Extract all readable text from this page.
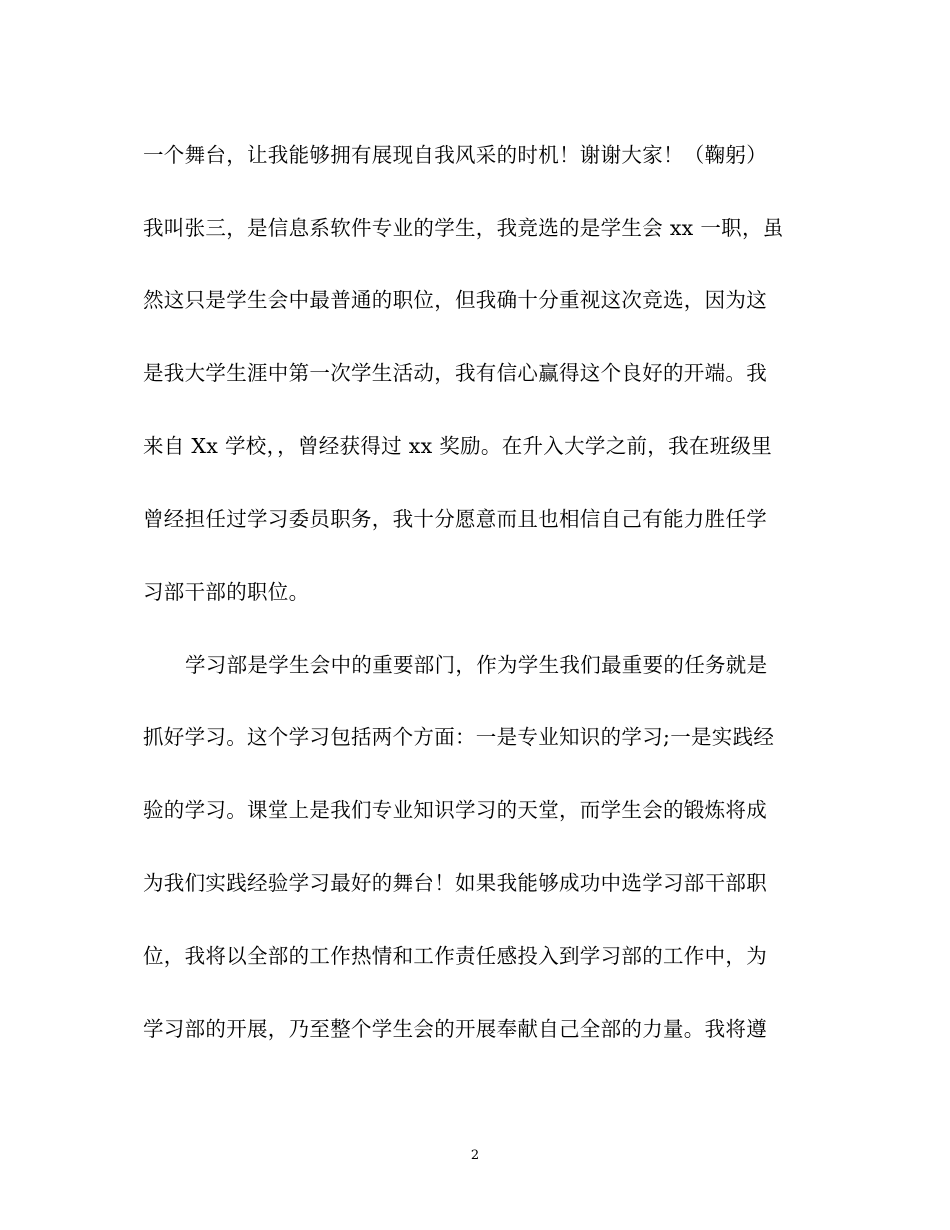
一个舞台，让我能够拥有展现自我风采的时机！谢谢大家！（鞠躬）
我叫张三，是信息系软件专业的学生，我竞选的是学生会 xx 一职，虽
然这只是学生会中最普通的职位，但我确十分重视这次竞选，因为这
是我大学生涯中第一次学生活动，我有信心赢得这个良好的开端。我
来自 Xx 学校，，曾经获得过 xx 奖励。在升入大学之前，我在班级里
曾经担任过学习委员职务，我十分愿意而且也相信自己有能力胜任学
习部干部的职位。
学习部是学生会中的重要部门，作为学生我们最重要的任务就是
抓好学习。这个学习包括两个方面：一是专业知识的学习;一是实践经
验的学习。课堂上是我们专业知识学习的天堂，而学生会的锻炼将成
为我们实践经验学习最好的舞台！如果我能够成功中选学习部干部职
位，我将以全部的工作热情和工作责任感投入到学习部的工作中，为
学习部的开展，乃至整个学生会的开展奉献自己全部的力量。我将遵
2
